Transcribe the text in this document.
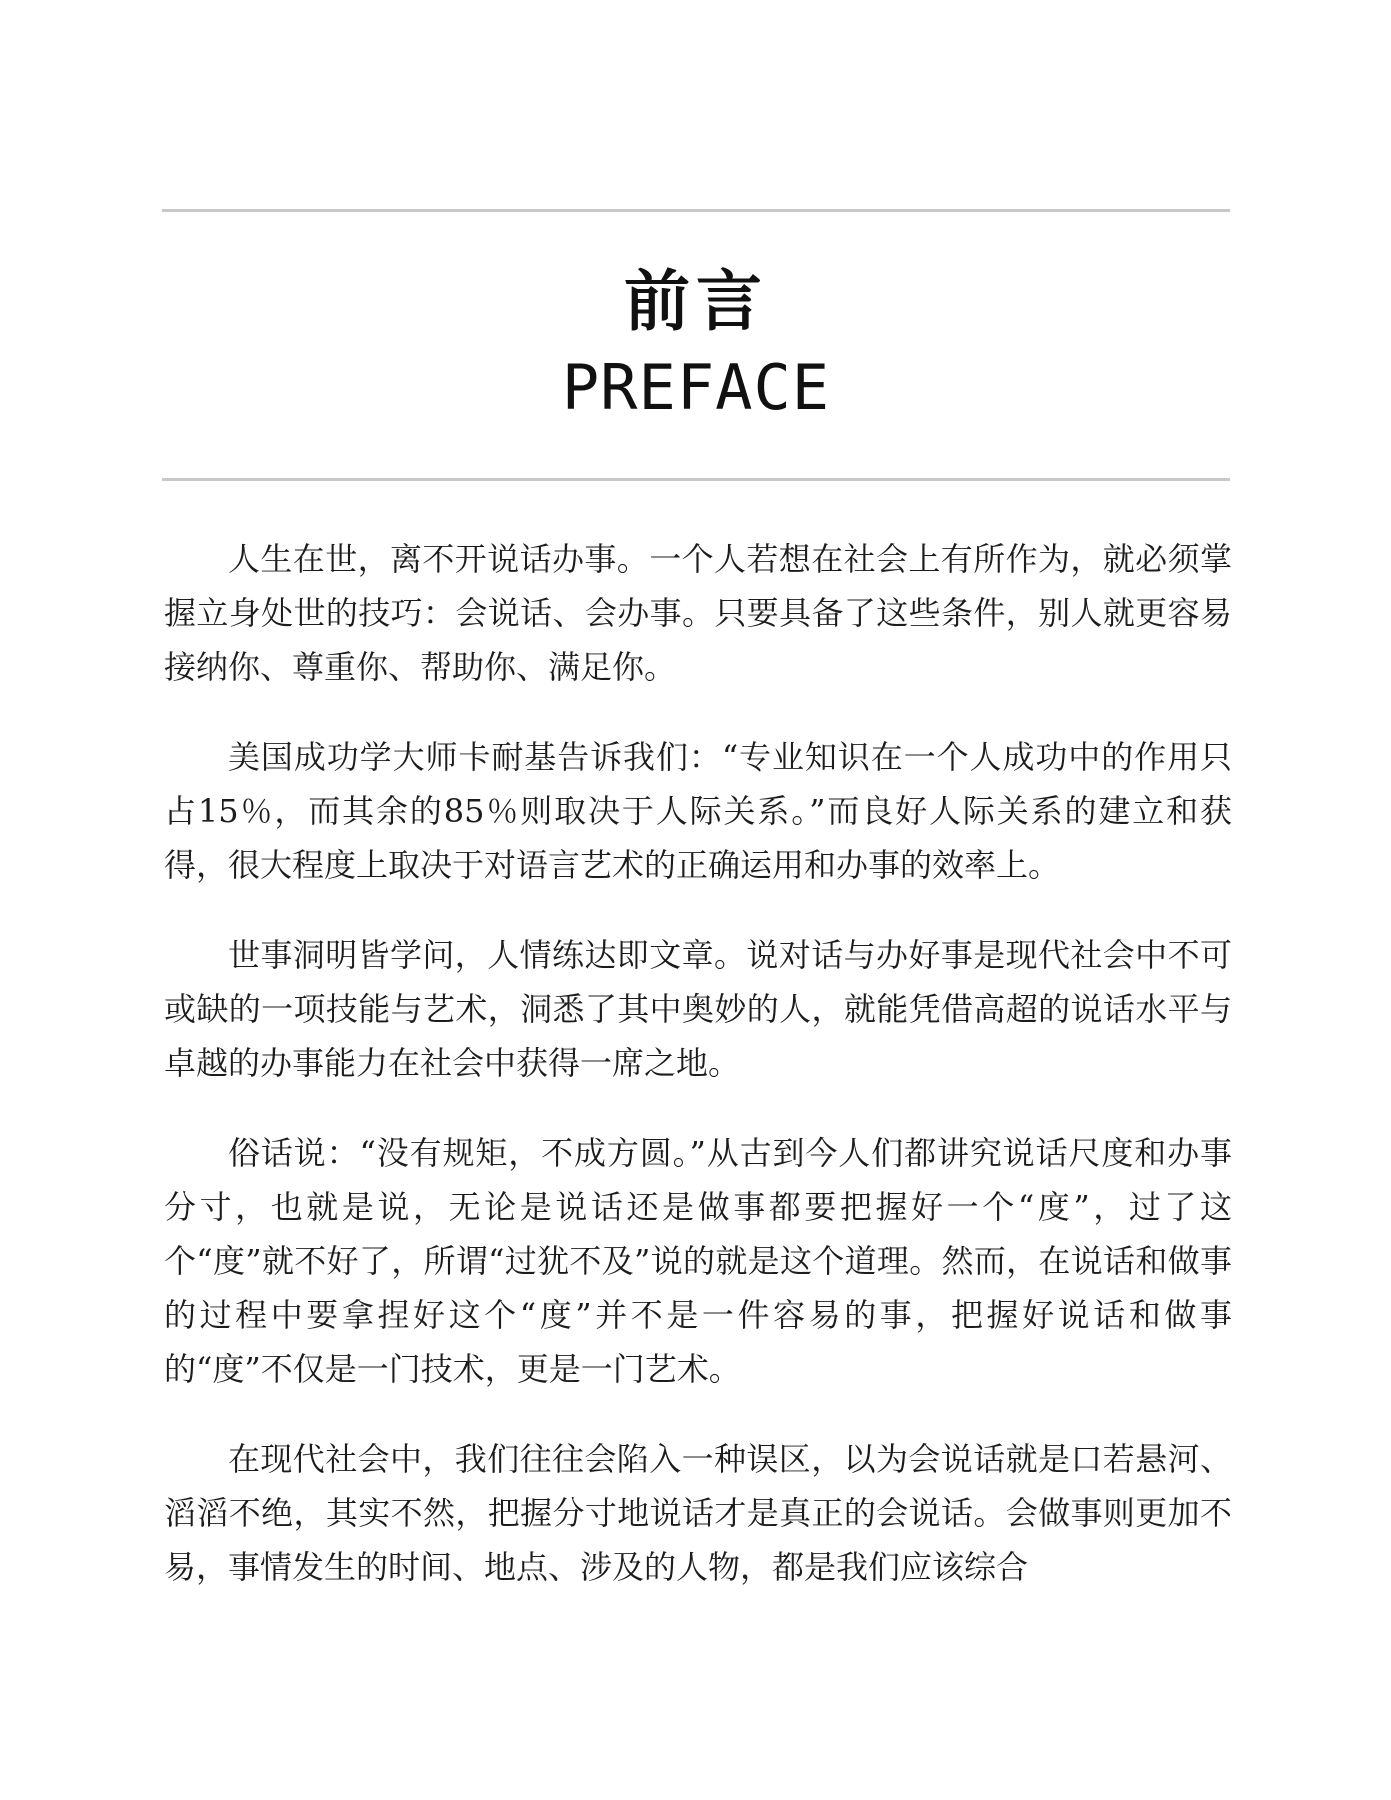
前言
PREFACE

人生在世，离不开说话办事。一个人若想在社会上有所作为，就必须掌握立身处世的技巧：会说话、会办事。只要具备了这些条件，别人就更容易接纳你、尊重你、帮助你、满足你。

美国成功学大师卡耐基告诉我们：“专业知识在一个人成功中的作用只占15％，而其余的85％则取决于人际关系。”而良好人际关系的建立和获得，很大程度上取决于对语言艺术的正确运用和办事的效率上。

世事洞明皆学问，人情练达即文章。说对话与办好事是现代社会中不可或缺的一项技能与艺术，洞悉了其中奥妙的人，就能凭借高超的说话水平与卓越的办事能力在社会中获得一席之地。

俗话说：“没有规矩，不成方圆。”从古到今人们都讲究说话尺度和办事分寸，也就是说，无论是说话还是做事都要把握好一个“度”，过了这个“度”就不好了，所谓“过犹不及”说的就是这个道理。然而，在说话和做事的过程中要拿捏好这个“度”并不是一件容易的事，把握好说话和做事的“度”不仅是一门技术，更是一门艺术。

在现代社会中，我们往往会陷入一种误区，以为会说话就是口若悬河、滔滔不绝，其实不然，把握分寸地说话才是真正的会说话。会做事则更加不易，事情发生的时间、地点、涉及的人物，都是我们应该综合
